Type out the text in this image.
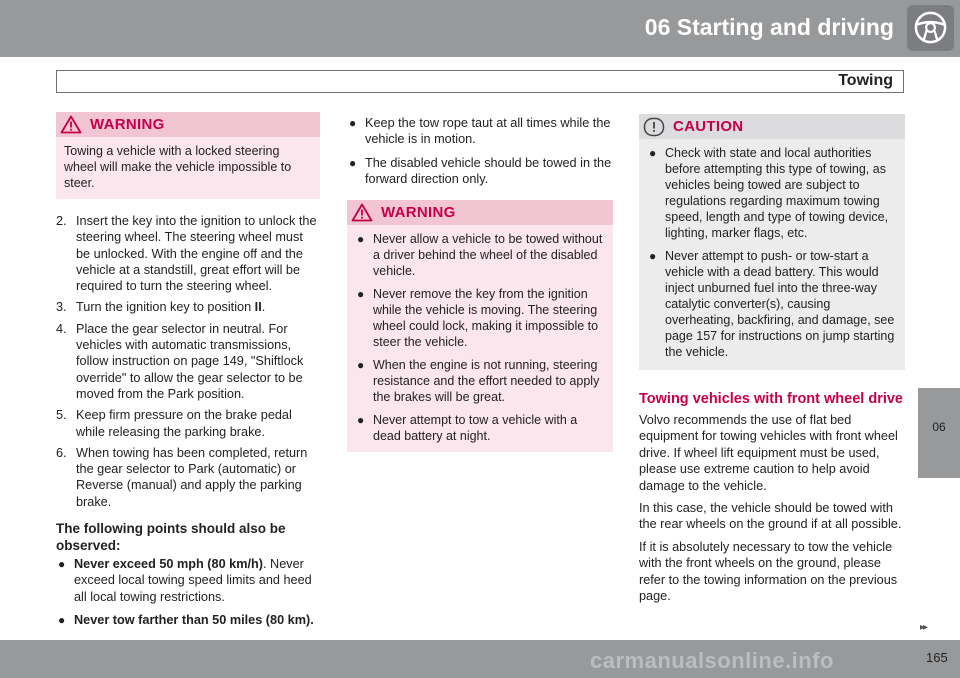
06 Starting and driving
Towing
WARNING
Towing a vehicle with a locked steering wheel will make the vehicle impossible to steer.
2. Insert the key into the ignition to unlock the steering wheel. The steering wheel must be unlocked. With the engine off and the vehicle at a standstill, great effort will be required to turn the steering wheel.
3. Turn the ignition key to position II.
4. Place the gear selector in neutral. For vehicles with automatic transmissions, follow instruction on page 149, "Shiftlock override" to allow the gear selector to be moved from the Park position.
5. Keep firm pressure on the brake pedal while releasing the parking brake.
6. When towing has been completed, return the gear selector to Park (automatic) or Reverse (manual) and apply the parking brake.
The following points should also be observed:
● Never exceed 50 mph (80 km/h). Never exceed local towing speed limits and heed all local towing restrictions.
● Never tow farther than 50 miles (80 km).
● Keep the tow rope taut at all times while the vehicle is in motion.
● The disabled vehicle should be towed in the forward direction only.
WARNING
● Never allow a vehicle to be towed without a driver behind the wheel of the disabled vehicle.
● Never remove the key from the ignition while the vehicle is moving. The steering wheel could lock, making it impossible to steer the vehicle.
● When the engine is not running, steering resistance and the effort needed to apply the brakes will be great.
● Never attempt to tow a vehicle with a dead battery at night.
CAUTION
● Check with state and local authorities before attempting this type of towing, as vehicles being towed are subject to regulations regarding maximum towing speed, length and type of towing device, lighting, marker flags, etc.
● Never attempt to push- or tow-start a vehicle with a dead battery. This would inject unburned fuel into the three-way catalytic converter(s), causing overheating, backfiring, and damage, see page 157 for instructions on jump starting the vehicle.
Towing vehicles with front wheel drive
Volvo recommends the use of flat bed equipment for towing vehicles with front wheel drive. If wheel lift equipment must be used, please use extreme caution to help avoid damage to the vehicle.
In this case, the vehicle should be towed with the rear wheels on the ground if at all possible.
If it is absolutely necessary to tow the vehicle with the front wheels on the ground, please refer to the towing information on the previous page.
06
▸▸
carmanualsonline.info	165
